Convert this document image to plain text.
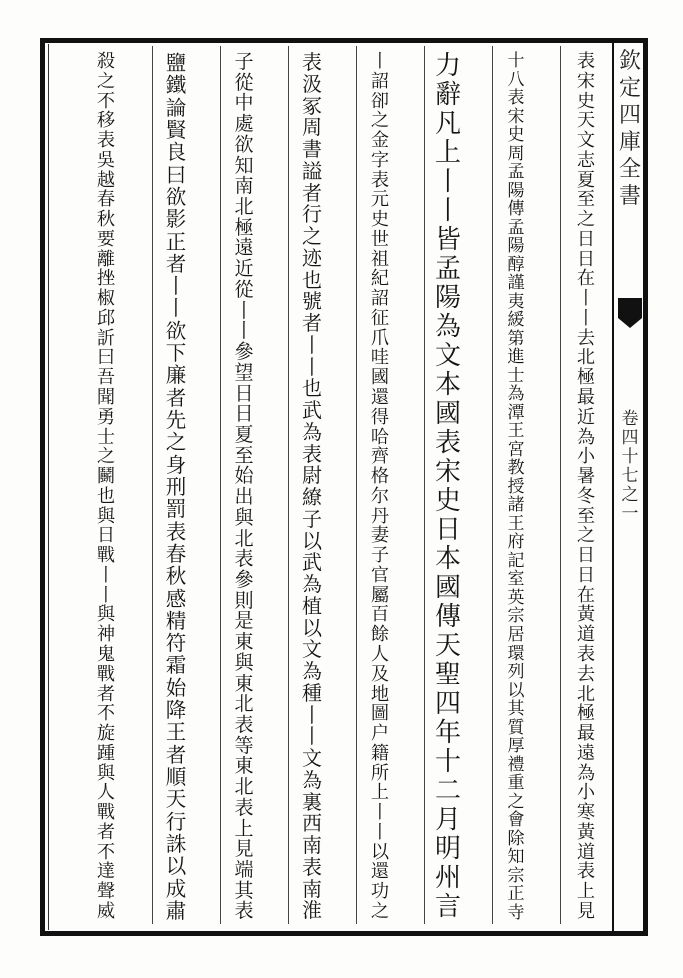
欽定四庫全書
卷四十七之一
表宋史天文志夏至之日日在丨丨去北極最近為小暑冬至之日日在黃道表去北極最遠為小寒黃道表上見
十八表宋史周孟陽傳孟陽醇謹夷緩第進士為潭王宮教授諸王府記室英宗居環列以其質厚禮重之會除知宗正寺
力辭凡上丨丨皆孟陽為文本國表宋史日本國傳天聖四年十二月明州言
丨詔卻之金字表元史世祖紀詔征爪哇國還得哈齊格尔丹妻子官屬百餘人及地圖户籍所上丨丨以還功之
表汲冢周書謚者行之迹也號者丨丨也武為表尉繚子以武為植以文為種丨丨文為裏西南表南淮
子從中處欲知南北極遠近從丨丨參望日日夏至始出與北表參則是東與東北表等東北表上見端其表
鹽鐵論賢良曰欲影正者丨丨欲下廉者先之身刑罰表春秋感精符霜始降王者順天行誅以成肅
殺之不移表吳越春秋要離挫椒邱訢曰吾聞勇士之鬭也與日戰丨丨與神鬼戰者不旋踵與人戰者不達聲威
